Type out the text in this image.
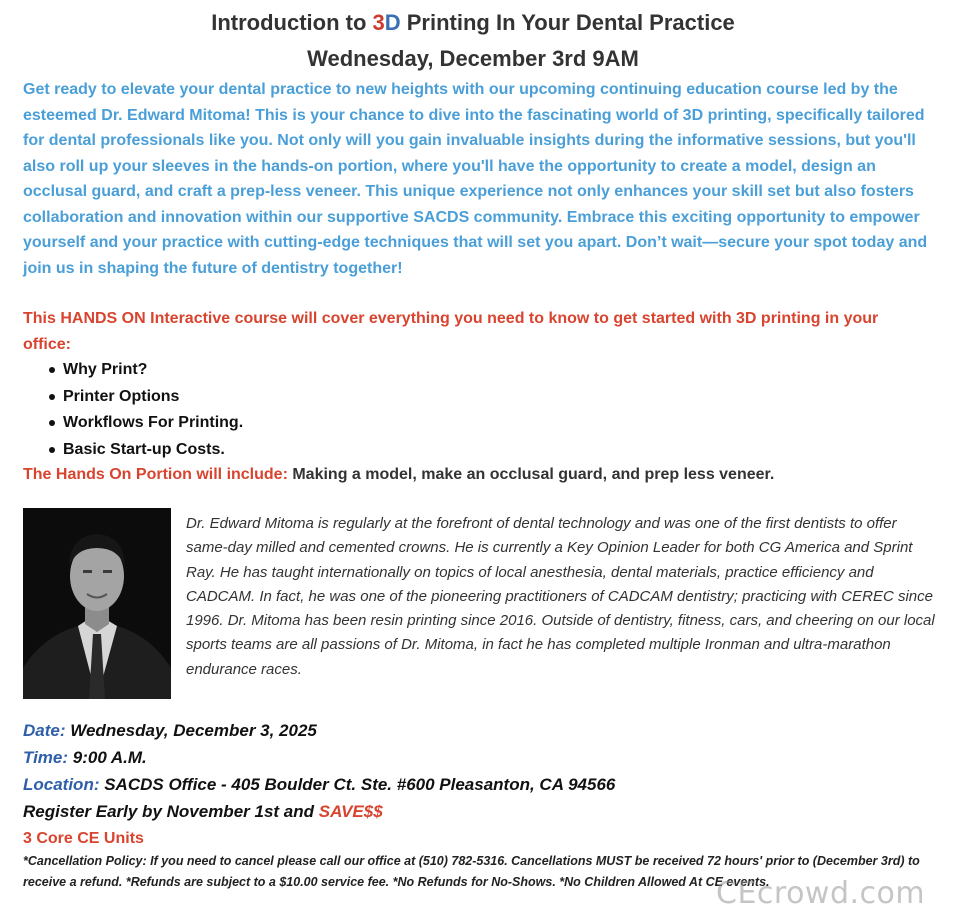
Introduction to 3D Printing In Your Dental Practice
Wednesday, December 3rd 9AM

Get ready to elevate your dental practice to new heights with our upcoming continuing education course led by the esteemed Dr. Edward Mitoma! This is your chance to dive into the fascinating world of 3D printing, specifically tailored for dental professionals like you. Not only will you gain invaluable insights during the informative sessions, but you'll also roll up your sleeves in the hands-on portion, where you'll have the opportunity to create a model, design an occlusal guard, and craft a prep-less veneer. This unique experience not only enhances your skill set but also fosters collaboration and innovation within our supportive SACDS community. Embrace this exciting opportunity to empower yourself and your practice with cutting-edge techniques that will set you apart. Don’t wait—secure your spot today and join us in shaping the future of dentistry together!

This HANDS ON Interactive course will cover everything you need to know to get started with 3D printing in your office:

Why Print?
Printer Options
Workflows For Printing.
Basic Start-up Costs.

The Hands On Portion will include: Making a model, make an occlusal guard, and prep less veneer.

Dr. Edward Mitoma is regularly at the forefront of dental technology and was one of the first dentists to offer same-day milled and cemented crowns. He is currently a Key Opinion Leader for both CG America and Sprint Ray. He has taught internationally on topics of local anesthesia, dental materials, practice efficiency and CADCAM. In fact, he was one of the pioneering practitioners of CADCAM dentistry; practicing with CEREC since 1996. Dr. Mitoma has been resin printing since 2016. Outside of dentistry, fitness, cars, and cheering on our local sports teams are all passions of Dr. Mitoma, in fact he has completed multiple Ironman and ultra-marathon endurance races.

Date: Wednesday, December 3, 2025
Time: 9:00 A.M.
Location: SACDS Office - 405 Boulder Ct. Ste. #600 Pleasanton, CA 94566
Register Early by November 1st and SAVE$$
3 Core CE Units

*Cancellation Policy: If you need to cancel please call our office at (510) 782-5316. Cancellations MUST be received 72 hours' prior to (December 3rd) to receive a refund. *Refunds are subject to a $10.00 service fee. *No Refunds for No-Shows. *No Children Allowed At CE events.

CEcrowd.com
